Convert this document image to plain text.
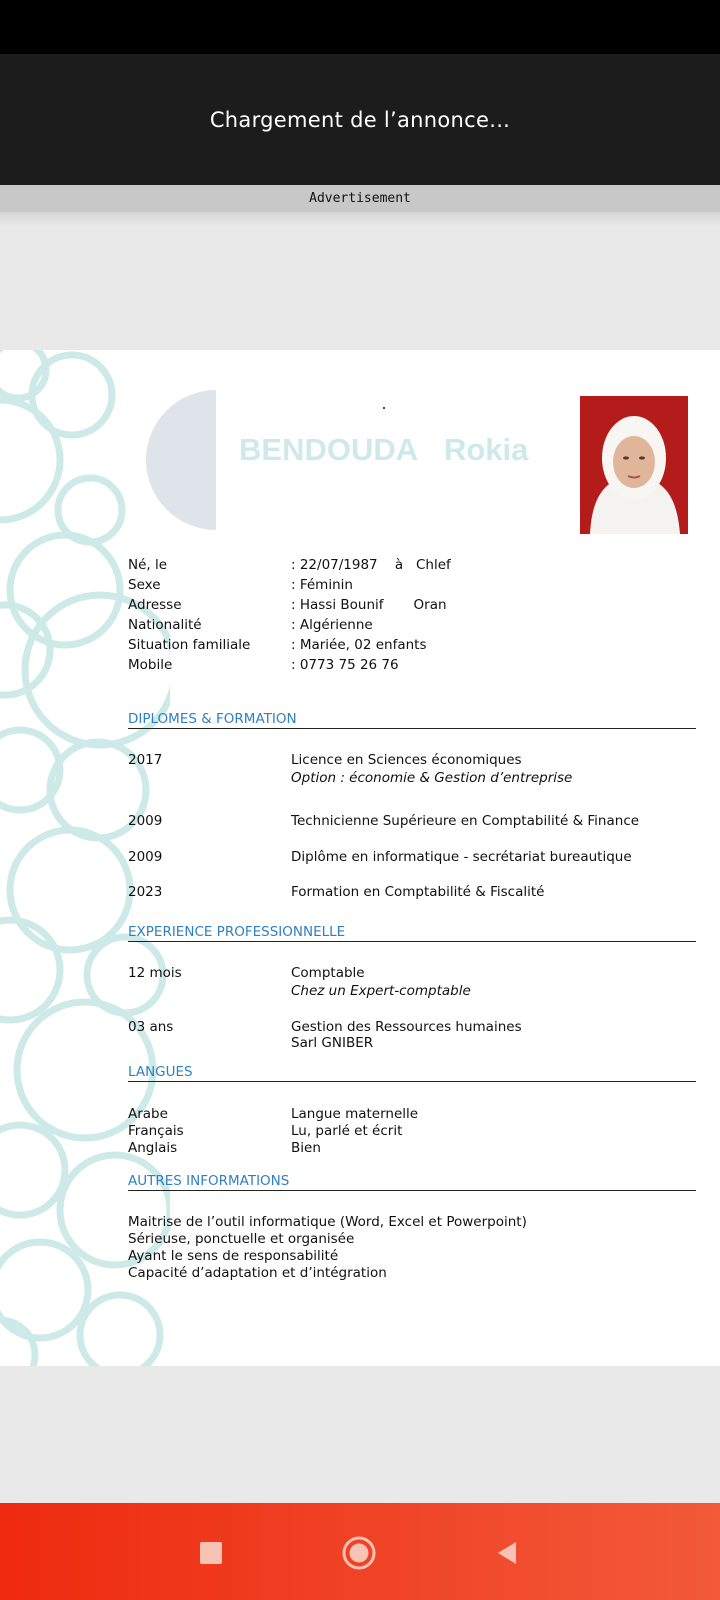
Chargement de l’annonce...
Advertisement
BENDOUDA Rokia
Né, le	: 22/07/1987    à   Chlef
Sexe	: Féminin
Adresse	: Hassi Bounif       Oran
Nationalité	: Algérienne
Situation familiale	: Mariée, 02 enfants
Mobile	: 0773 75 26 76
DIPLOMES & FORMATION
2017	Licence en Sciences économiques
Option : économie & Gestion d’entreprise
2009	Technicienne Supérieure en Comptabilité & Finance
2009	Diplôme en informatique - secrétariat bureautique
2023	Formation en Comptabilité & Fiscalité
EXPERIENCE PROFESSIONNELLE
12 mois	Comptable
Chez un Expert-comptable
03 ans	Gestion des Ressources humaines
Sarl GNIBER
LANGUES
Arabe	Langue maternelle
Français	Lu, parlé et écrit
Anglais	Bien
AUTRES INFORMATIONS
Maitrise de l’outil informatique (Word, Excel et Powerpoint)
Sérieuse, ponctuelle et organisée
Ayant le sens de responsabilité
Capacité d’adaptation et d’intégration
